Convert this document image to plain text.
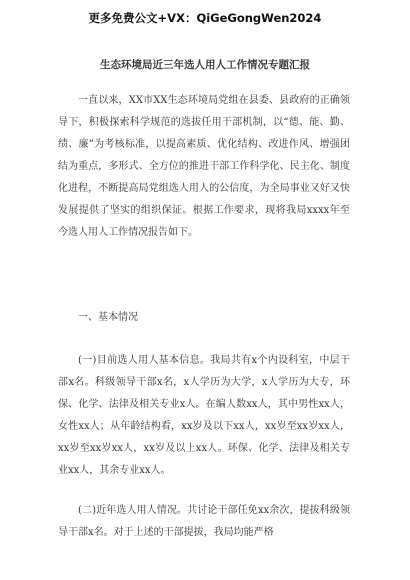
更多免费公文+VX：QiGeGongWen2024
生态环境局近三年选人用人工作情况专题汇报

一直以来，XX市XX生态环境局党组在县委、县政府的正确领导下，积极探索科学规范的选拔任用干部机制，以“德、能、勤、绩、廉”为考核标准，以提高素质、优化结构、改进作风、增强团结为重点，多形式、全方位的推进干部工作科学化、民主化、制度化进程，不断提高局党组选人用人的公信度，为全局事业又好又快发展提供了坚实的组织保证。根据工作要求，现将我局xxxx年至今选人用人工作情况报告如下。

一、基本情况

(一)目前选人用人基本信息。我局共有x个内设科室，中层干部x名。科级领导干部x名，x人学历为大学，x人学历为大专，环保、化学、法律及相关专业x人。在编人数xx人，其中男性xx人，女性xx人；从年龄结构看，xx岁及以下xx人，xx岁至xx岁xx人，xx岁至xx岁xx人，xx岁及以上xx人。环保、化学、法律及相关专业xx人，其余专业xx人。

(二)近年选人用人情况。共讨论干部任免xx余次，提拔科级领导干部x名。对于上述的干部提拔，我局均能严格
